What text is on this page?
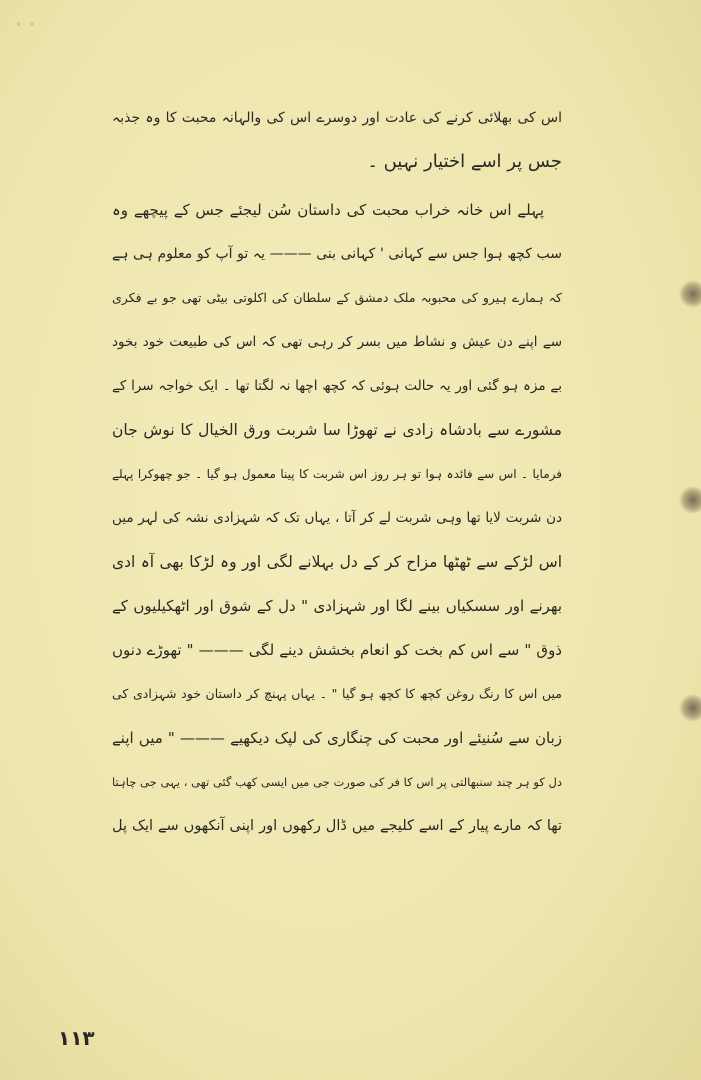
ᐧᐧ
اس کی بھلائی کرنے کی عادت اور دوسرے اس کی والہانہ محبت کا وہ جذبہ
جس پر اسے اختیار نہیں ۔
پہلے اس خانہ خراب محبت کی داستان سُن لیجئے جس کے پیچھے وہ
سب کچھ ہوا جس سے کہانی ' کہانی بنی ——— یہ تو آپ کو معلوم ہی ہے
کہ ہمارے ہیرو کی محبوبہ ملک دمشق کے سلطان کی اکلوتی بیٹی تھی جو بے فکری
سے اپنے دن عیش و نشاط میں بسر کر رہی تھی کہ اس کی طبیعت خود بخود
بے مزہ ہو گئی اور یہ حالت ہوئی کہ کچھ اچھا نہ لگتا تھا ۔ ایک خواجہ سرا کے
مشورے سے بادشاہ زادی نے تھوڑا سا شربت ورق الخیال کا نوش جان
فرمایا ۔ اس سے فائدہ ہوا تو ہر روز اس شربت کا پینا معمول ہو گیا ۔ جو چھوکرا پہلے
دن شربت لایا تھا وہی شربت لے کر آتا ، یہاں تک کہ شہزادی نشہ کی لہر میں
اس لڑکے سے ٹھٹھا مزاح کر کے دل بہلانے لگی اور وہ لڑکا بھی آہ ادی
بھرنے اور سسکیاں بینے لگا اور شہزادی " دل کے شوق اور اٹھکیلیوں کے
ذوق " سے اس کم بخت کو انعام بخشش دینے لگی ——— " تھوڑے دنوں
میں اس کا رنگ روغن کچھ کا کچھ ہو گیا " ۔ یہاں پہنچ کر داستان خود شہزادی کی
زبان سے سُنیئے اور محبت کی چنگاری کی لپک دیکھیے ——— " میں اپنے
دل کو ہر چند سنبھالتی پر اس کا فر کی صورت جی میں ایسی کھب گئی تھی ، یہی جی چاہتا
تھا کہ مارے پیار کے اسے کلیجے میں ڈال رکھوں اور اپنی آنکھوں سے ایک پل
۱۱۳
